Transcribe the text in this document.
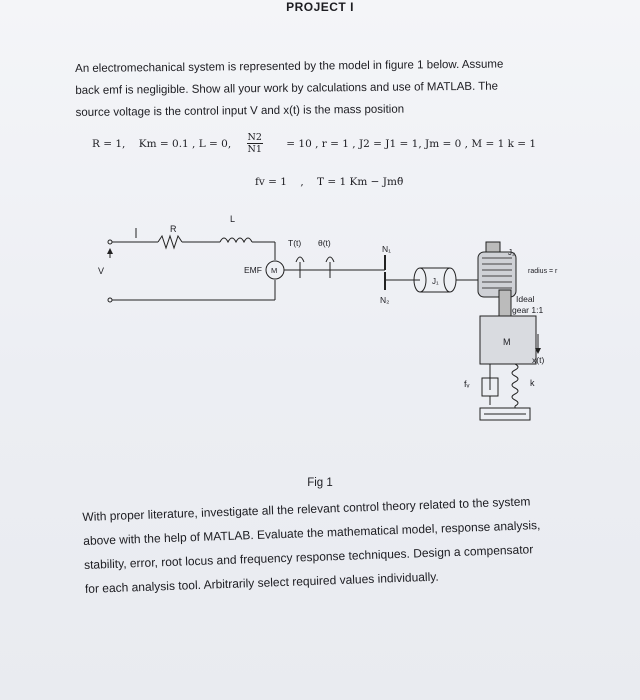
PROJECT I
An electromechanical system is represented by the model in figure 1 below. Assume
back emf is negligible. Show all your work by calculations and use of MATLAB. The
source voltage is the control input V and x(t) is the mass position
R = 1, Km = 0.1 , L = 0, $\frac{N2}{N1} = 10$ , r = 1 , J2 = J1 = 1, Jm = 0 , M = 1 k = 1
fv = 1 , T = 1 Km − Jmθ̈
R
L
V	EMF M
T(t) θ(t)
N₁
N₂
J₁
J₂
radius = r
Ideal
gear 1:1
M
x(t)
fᵥ	k
Fig 1
With proper literature, investigate all the relevant control theory related to the system
above with the help of MATLAB. Evaluate the mathematical model, response analysis,
stability, error, root locus and frequency response techniques. Design a compensator
for each analysis tool. Arbitrarily select required values individually.
